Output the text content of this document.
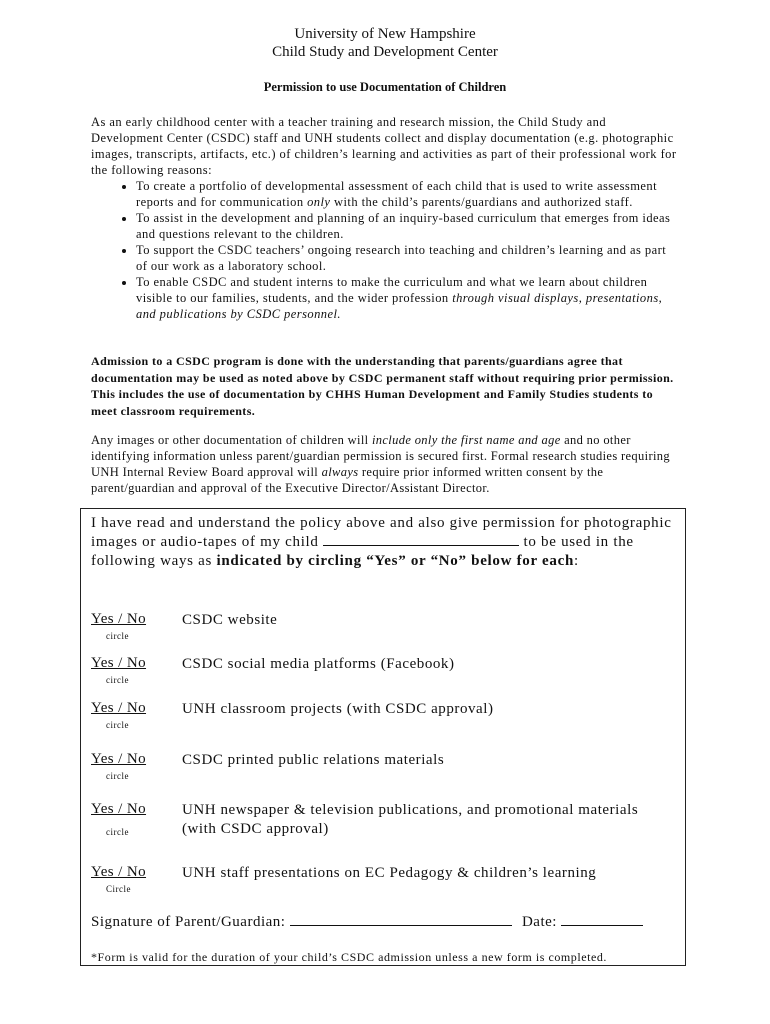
University of New Hampshire
Child Study and Development Center
Permission to use Documentation of Children

As an early childhood center with a teacher training and research mission, the Child Study and Development Center (CSDC) staff and UNH students collect and display documentation (e.g. photographic images, transcripts, artifacts, etc.) of children’s learning and activities as part of their professional work for the following reasons:

• To create a portfolio of developmental assessment of each child that is used to write assessment reports and for communication only with the child’s parents/guardians and authorized staff.
• To assist in the development and planning of an inquiry-based curriculum that emerges from ideas and questions relevant to the children.
• To support the CSDC teachers’ ongoing research into teaching and children’s learning and as part of our work as a laboratory school.
• To enable CSDC and student interns to make the curriculum and what we learn about children visible to our families, students, and the wider profession through visual displays, presentations, and publications by CSDC personnel.
Admission to a CSDC program is done with the understanding that parents/guardians agree that documentation may be used as noted above by CSDC permanent staff without requiring prior permission. This includes the use of documentation by CHHS Human Development and Family Studies students to meet classroom requirements.
Any images or other documentation of children will include only the first name and age and no other identifying information unless parent/guardian permission is secured first. Formal research studies requiring UNH Internal Review Board approval will always require prior informed written consent by the parent/guardian and approval of the Executive Director/Assistant Director.
I have read and understand the policy above and also give permission for photographic images or audio-tapes of my child	to be used in the following ways as indicated by circling “Yes” or “No” below for each:
Yes / No
circle
CSDC website
Yes / No
circle
CSDC social media platforms (Facebook)
Yes / No
circle
UNH classroom projects (with CSDC approval)
Yes / No
circle
CSDC printed public relations materials
Yes / No
circle
UNH newspaper & television publications, and promotional materials (with CSDC approval)
Yes / No
Circle
UNH staff presentations on EC Pedagogy & children’s learning
Signature of Parent/Guardian:	Date:
*Form is valid for the duration of your child’s CSDC admission unless a new form is completed.
